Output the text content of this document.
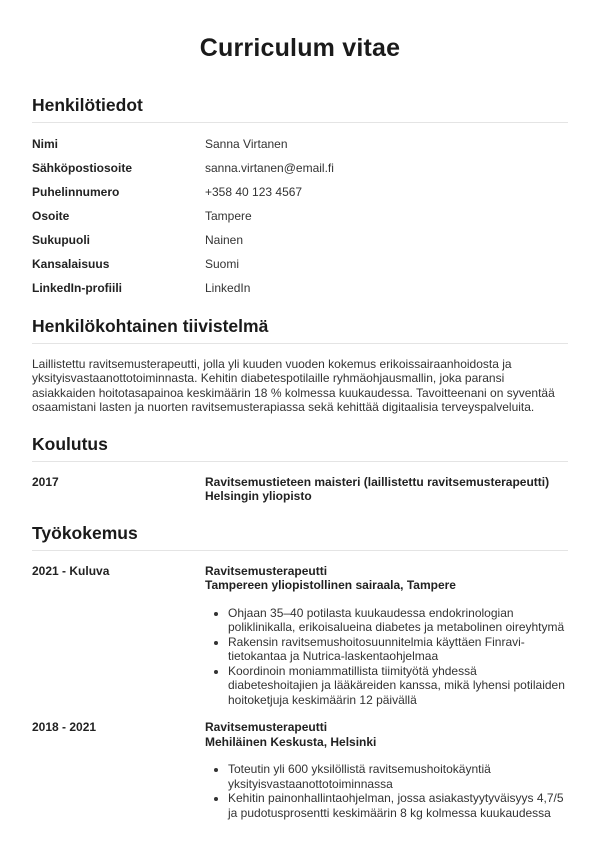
Curriculum vitae
Henkilötiedot
Nimi	Sanna Virtanen
Sähköpostiosoite	sanna.virtanen@email.fi
Puhelinnumero	+358 40 123 4567
Osoite	Tampere
Sukupuoli	Nainen
Kansalaisuus	Suomi
LinkedIn-profiili	LinkedIn
Henkilökohtainen tiivistelmä

Laillistettu ravitsemusterapeutti, jolla yli kuuden vuoden kokemus erikoissairaanhoidosta ja yksityisvastaanottotoiminnasta. Kehitin diabetespotilaille ryhmäohjausmallin, joka paransi asiakkaiden hoitotasapainoa keskimäärin 18 % kolmessa kuukaudessa. Tavoitteenani on syventää osaamistani lasten ja nuorten ravitsemusterapiassa sekä kehittää digitaalisia terveyspalveluita.

Koulutus
2017	Ravitsemustieteen maisteri (laillistettu ravitsemusterapeutti)
Helsingin yliopisto
Työkokemus
2021 - Kuluva	Ravitsemusterapeutti
Tampereen yliopistollinen sairaala, Tampere
• Ohjaan 35–40 potilasta kuukaudessa endokrinologian poliklinikalla, erikoisalueina diabetes ja metabolinen oireyhtymä
• Rakensin ravitsemushoitosuunnitelmia käyttäen Finravi-tietokantaa ja Nutrica-laskentaohjelmaa
• Koordinoin moniammatillista tiimityötä yhdessä diabeteshoitajien ja lääkäreiden kanssa, mikä lyhensi potilaiden hoitoketjuja keskimäärin 12 päivällä
2018 - 2021	Ravitsemusterapeutti
Mehiläinen Keskusta, Helsinki
• Toteutin yli 600 yksilöllistä ravitsemushoitokäyntiä yksityisvastaanottotoiminnassa
• Kehitin painonhallintaohjelman, jossa asiakastyytyväisyys 4,7/5 ja pudotusprosentti keskimäärin 8 kg kolmessa kuukaudessa
